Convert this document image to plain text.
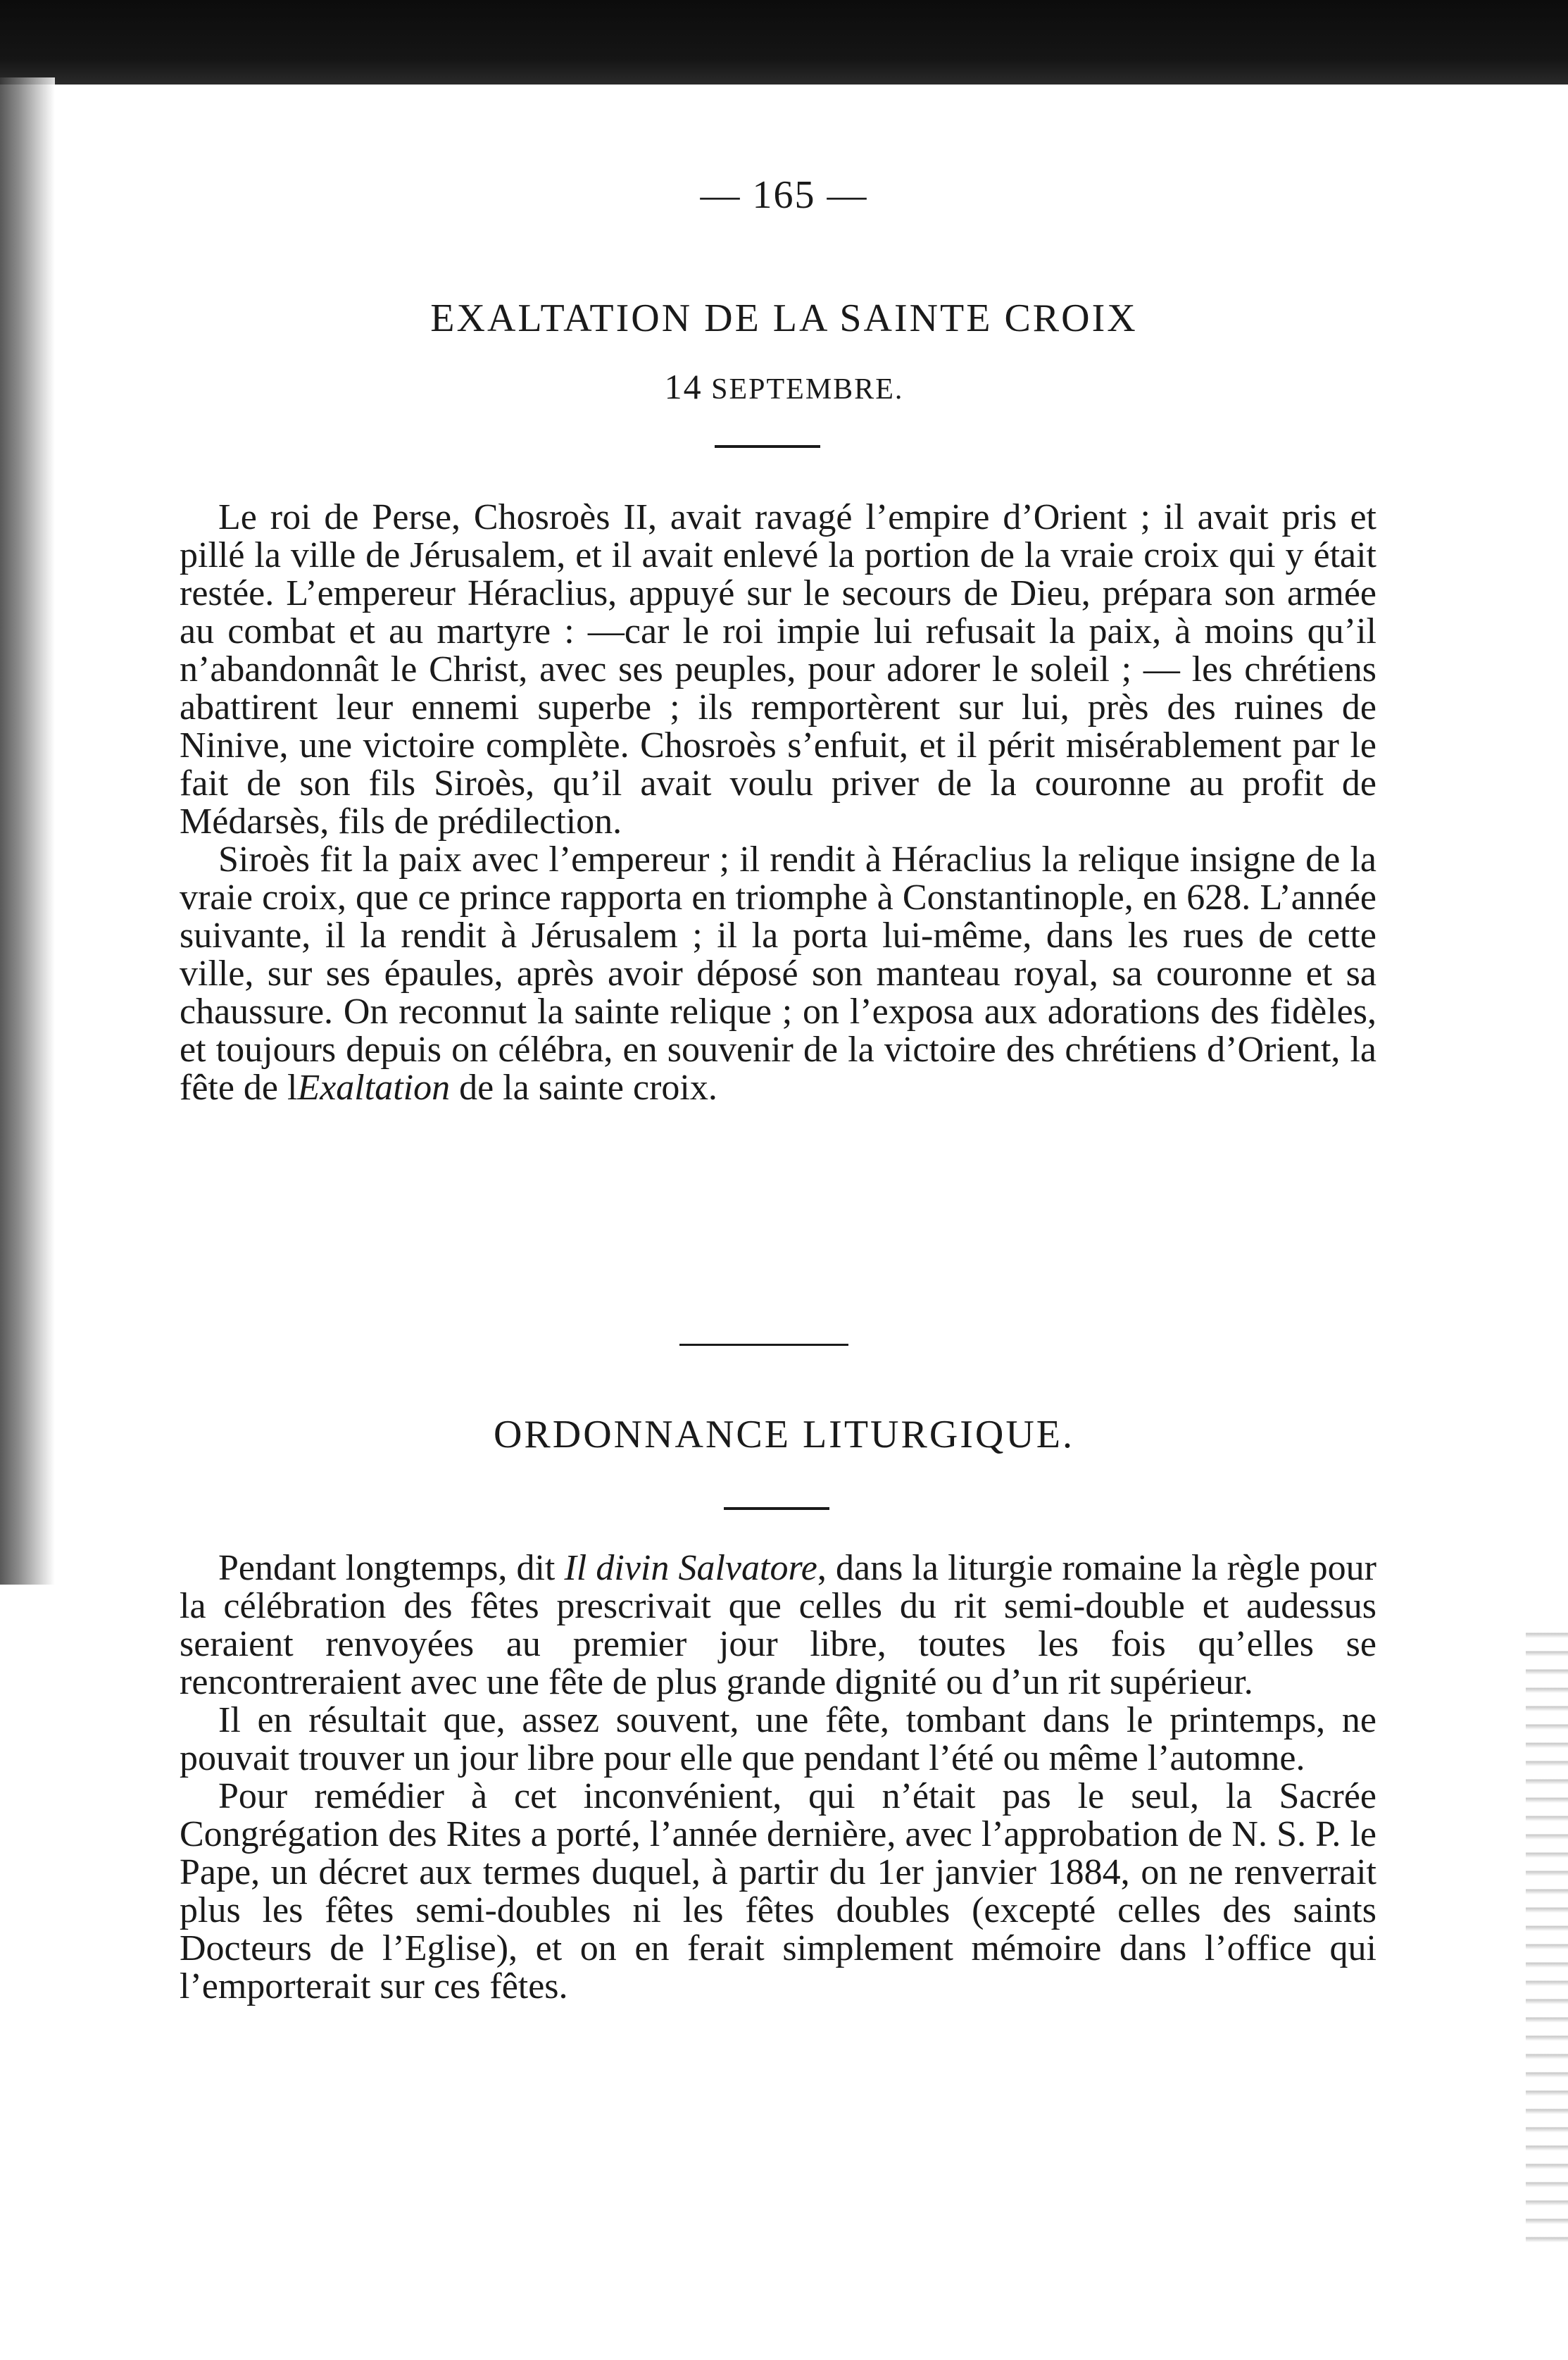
— 165 —
EXALTATION DE LA SAINTE CROIX
14 SEPTEMBRE.

Le roi de Perse, Chosroès II, avait ravagé l’empire d’Orient ; il avait pris et pillé la ville de Jérusalem, et il avait enlevé la portion de la vraie croix qui y était restée. L’empereur Héraclius, appuyé sur le secours de Dieu, prépara son armée au combat et au martyre : —car le roi impie lui refusait la paix, à moins qu’il n’abandonnât le Christ, avec ses peuples, pour adorer le soleil ; — les chrétiens abattirent leur ennemi superbe ; ils remportèrent sur lui, près des ruines de Ninive, une victoire complète. Chosroès s’enfuit, et il périt misérablement par le fait de son fils Siroès, qu’il avait voulu priver de la couronne au profit de Médarsès, fils de prédilection.

Siroès fit la paix avec l’empereur ; il rendit à Héraclius la relique insigne de la vraie croix, que ce prince rapporta en triomphe à Constantinople, en 628. L’année suivante, il la rendit à Jérusalem ; il la porta lui-même, dans les rues de cette ville, sur ses épaules, après avoir déposé son manteau royal, sa couronne et sa chaussure. On reconnut la sainte relique ; on l’exposa aux adorations des fidèles, et toujours depuis on célébra, en souvenir de la victoire des chrétiens d’Orient, la fête de lExaltation de la sainte croix.

ORDONNANCE LITURGIQUE.

Pendant longtemps, dit Il divin Salvatore, dans la liturgie romaine la règle pour la célébration des fêtes prescrivait que celles du rit semi-double et audessus seraient renvoyées au premier jour libre, toutes les fois qu’elles se rencontreraient avec une fête de plus grande dignité ou d’un rit supérieur.

Il en résultait que, assez souvent, une fête, tombant dans le printemps, ne pouvait trouver un jour libre pour elle que pendant l’été ou même l’automne.

Pour remédier à cet inconvénient, qui n’était pas le seul, la Sacrée Congrégation des Rites a porté, l’année dernière, avec l’approbation de N. S. P. le Pape, un décret aux termes duquel, à partir du 1er janvier 1884, on ne renverrait plus les fêtes semi-doubles ni les fêtes doubles (excepté celles des saints Docteurs de l’Eglise), et on en ferait simplement mémoire dans l’office qui l’emporterait sur ces fêtes.
